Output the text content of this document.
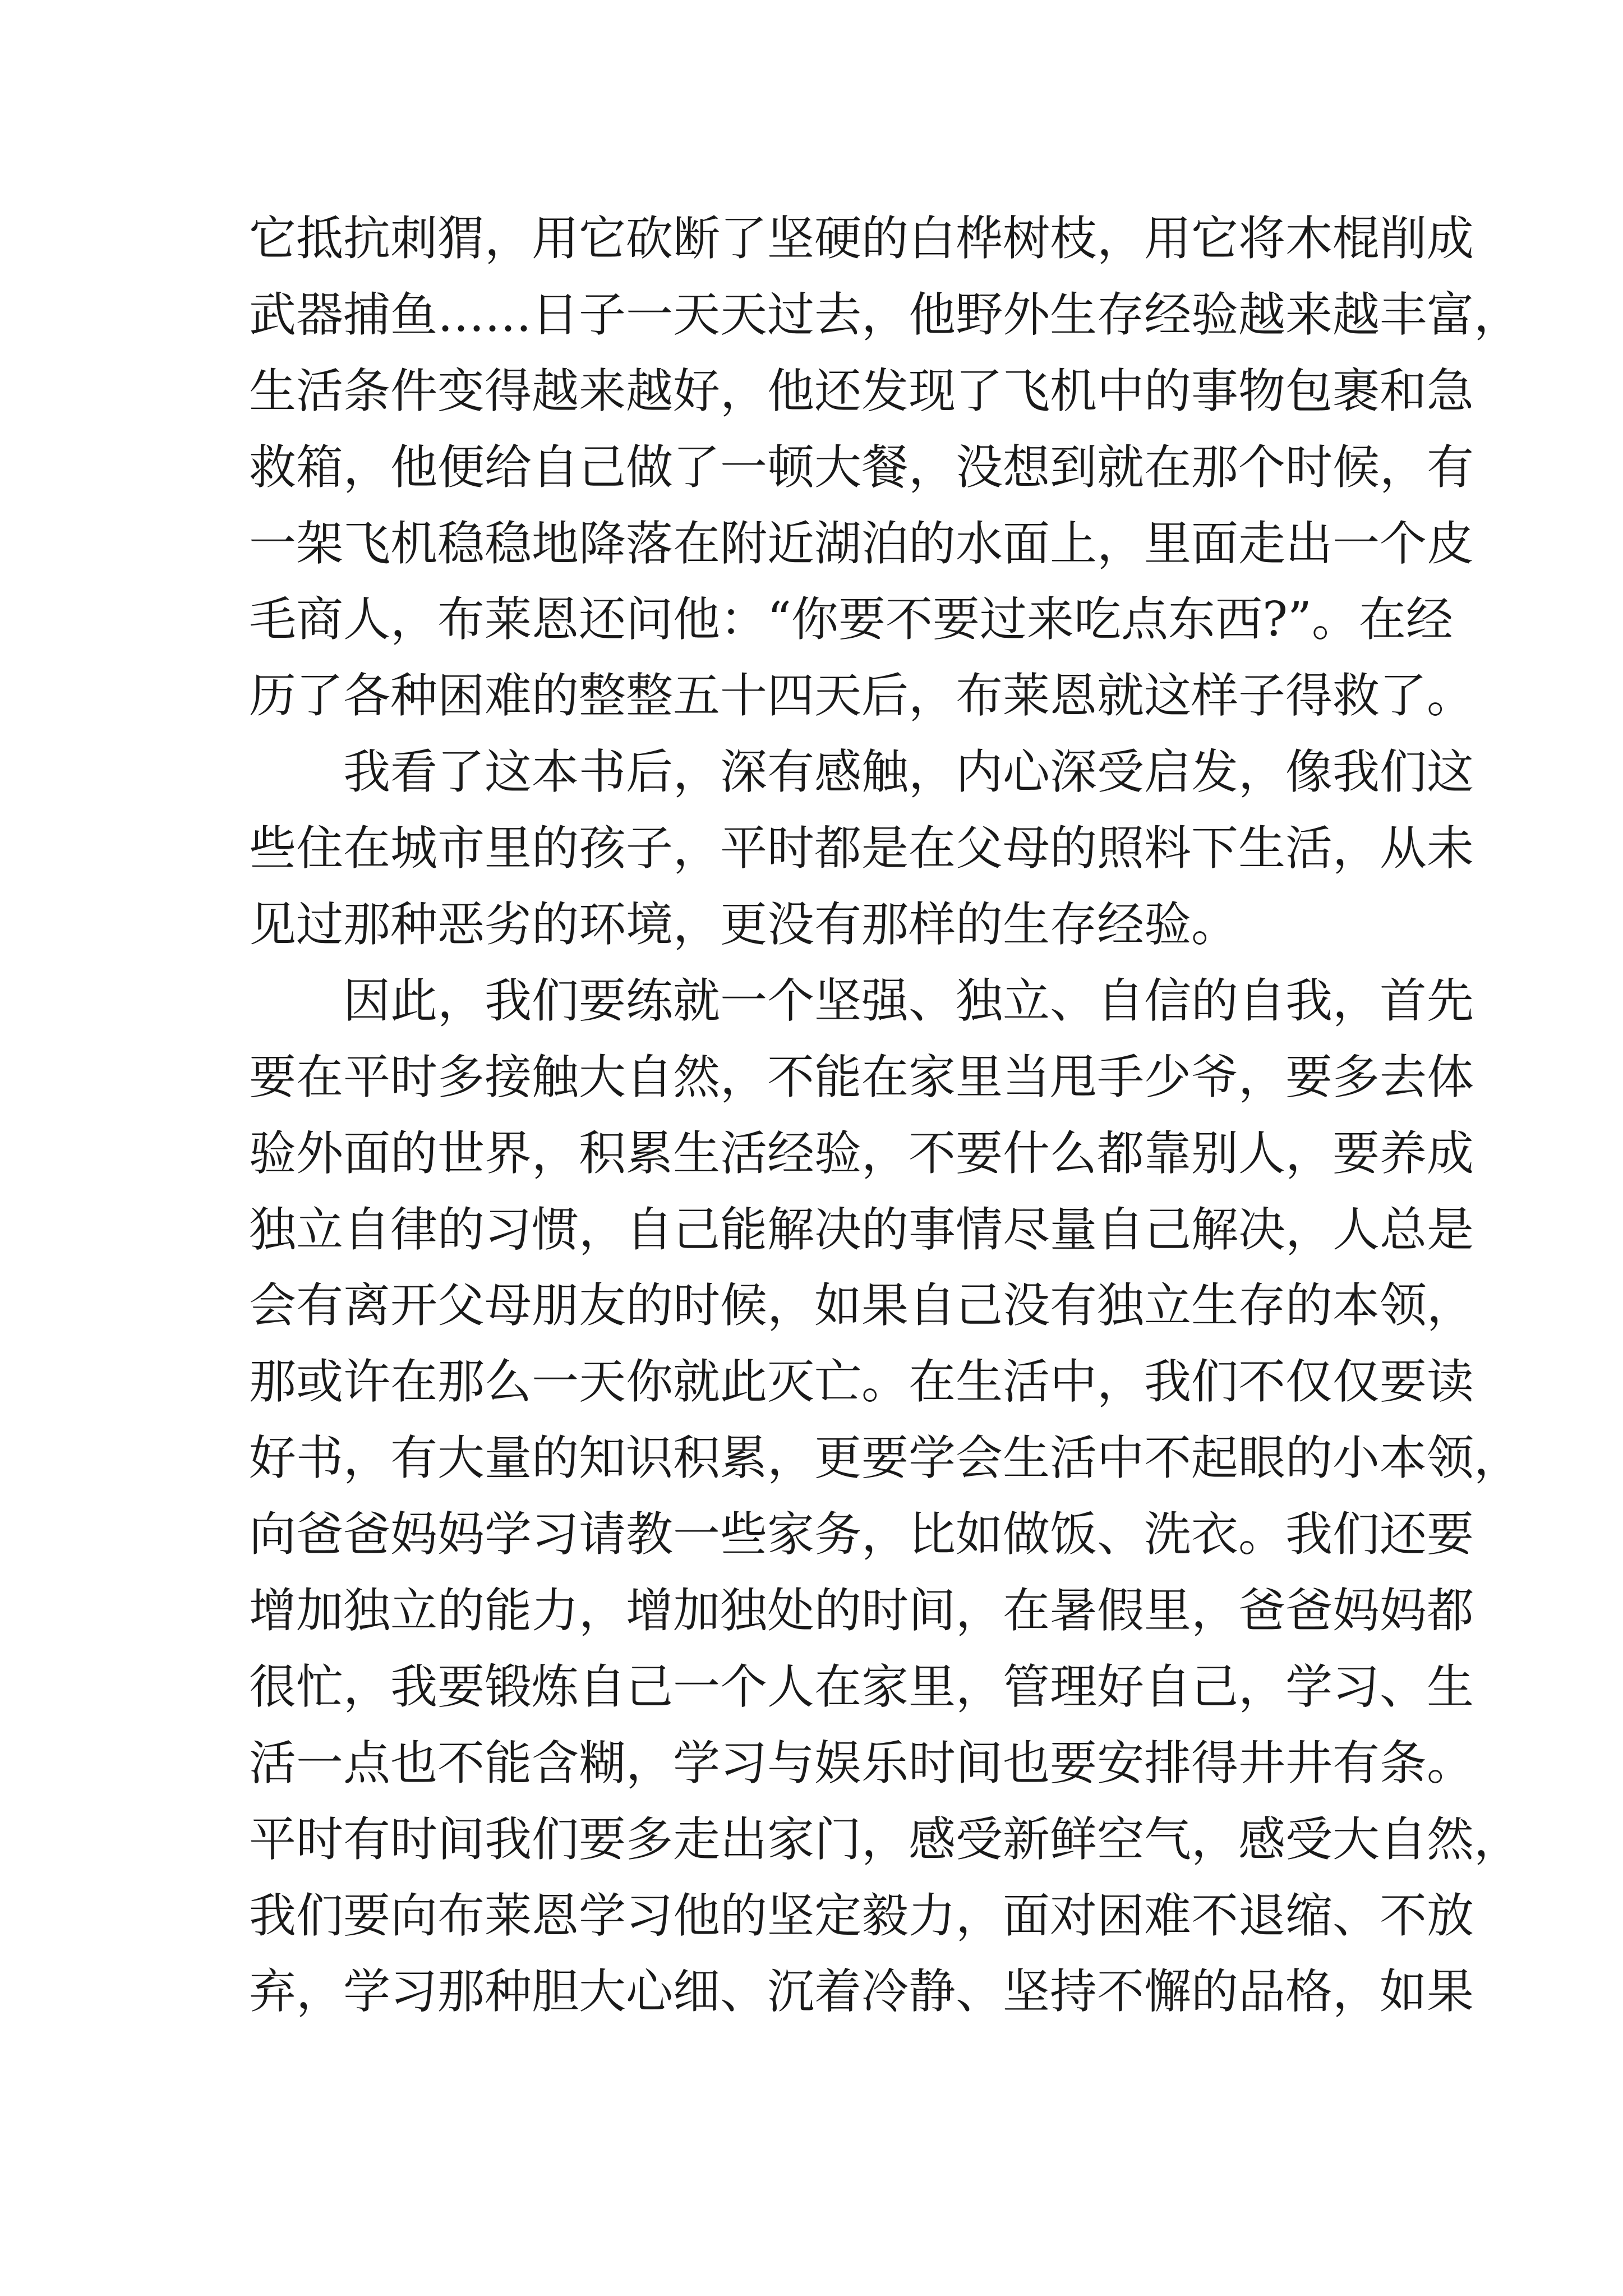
它抵抗刺猬，用它砍断了坚硬的白桦树枝，用它将木棍削成

武器捕鱼……日子一天天过去，他野外生存经验越来越丰富，

生活条件变得越来越好，他还发现了飞机中的事物包裹和急

救箱，他便给自己做了一顿大餐，没想到就在那个时候，有

一架飞机稳稳地降落在附近湖泊的水面上，里面走出一个皮

毛商人，布莱恩还问他：“你要不要过来吃点东西?”。在经

历了各种困难的整整五十四天后，布莱恩就这样子得救了。

我看了这本书后，深有感触，内心深受启发，像我们这

些住在城市里的孩子，平时都是在父母的照料下生活，从未

见过那种恶劣的环境，更没有那样的生存经验。

因此，我们要练就一个坚强、独立、自信的自我，首先

要在平时多接触大自然，不能在家里当甩手少爷，要多去体

验外面的世界，积累生活经验，不要什么都靠别人，要养成

独立自律的习惯，自己能解决的事情尽量自己解决，人总是

会有离开父母朋友的时候，如果自己没有独立生存的本领，

那或许在那么一天你就此灭亡。在生活中，我们不仅仅要读

好书，有大量的知识积累，更要学会生活中不起眼的小本领，

向爸爸妈妈学习请教一些家务，比如做饭、洗衣。我们还要

增加独立的能力，增加独处的时间，在暑假里，爸爸妈妈都

很忙，我要锻炼自己一个人在家里，管理好自己，学习、生

活一点也不能含糊，学习与娱乐时间也要安排得井井有条。

平时有时间我们要多走出家门，感受新鲜空气，感受大自然，

我们要向布莱恩学习他的坚定毅力，面对困难不退缩、不放

弃，学习那种胆大心细、沉着冷静、坚持不懈的品格，如果
